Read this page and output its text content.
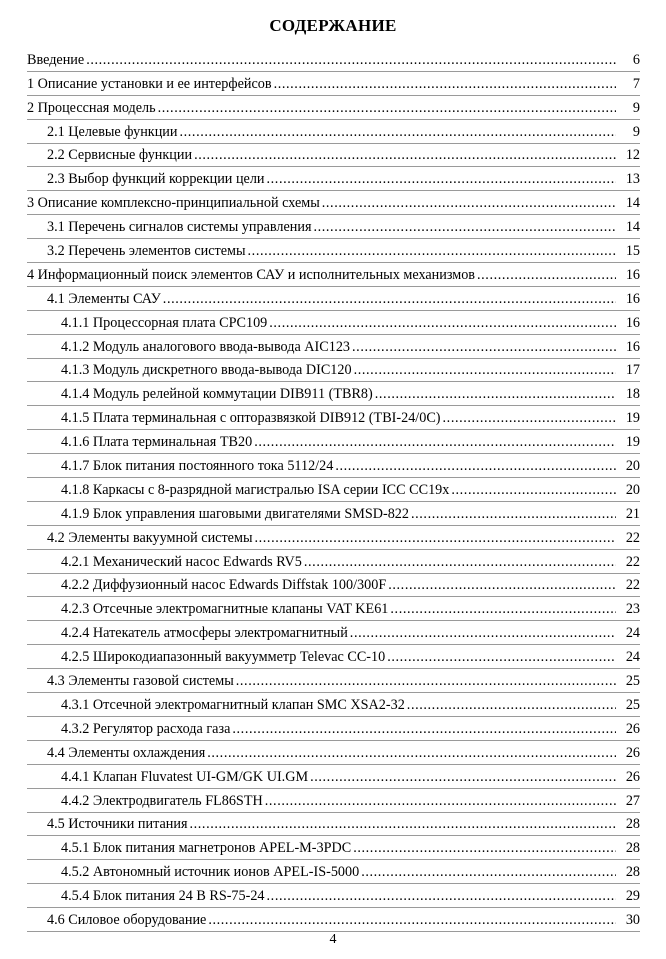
СОДЕРЖАНИЕ
Введение .....	6
1 Описание установки и ее интерфейсов .....	7
2 Процессная модель .....	9
2.1 Целевые функции .....	9
2.2 Сервисные функции .....	12
2.3 Выбор функций коррекции цели .....	13
3 Описание комплексно-принципиальной схемы .....	14
3.1 Перечень сигналов системы управления .....	14
3.2 Перечень элементов системы .....	15
4 Информационный поиск элементов САУ и исполнительных механизмов .....	16
4.1 Элементы САУ .....	16
4.1.1 Процессорная плата CPC109 .....	16
4.1.2 Модуль аналогового ввода-вывода AIC123 .....	16
4.1.3 Модуль дискретного ввода-вывода DIC120 .....	17
4.1.4 Модуль релейной коммутации DIB911 (TBR8) .....	18
4.1.5 Плата терминальная с опторазвязкой DIB912 (TBI-24/0C) .....	19
4.1.6 Плата терминальная TB20 .....	19
4.1.7 Блок питания постоянного тока 5112/24 .....	20
4.1.8 Каркасы с 8-разрядной магистралью ISA серии ICC CC19x .....	20
4.1.9 Блок управления шаговыми двигателями SMSD-822 .....	21
4.2 Элементы вакуумной системы .....	22
4.2.1 Механический насос Edwards RV5 .....	22
4.2.2 Диффузионный насос Edwards Diffstak 100/300F .....	22
4.2.3 Отсечные электромагнитные клапаны VAT KE61 .....	23
4.2.4 Натекатель атмосферы электромагнитный .....	24
4.2.5 Широкодиапазонный вакуумметр Televac CC-10 .....	24
4.3 Элементы газовой системы .....	25
4.3.1 Отсечной электромагнитный клапан SMC XSA2-32 .....	25
4.3.2 Регулятор расхода газа .....	26
4.4 Элементы охлаждения .....	26
4.4.1 Клапан Fluvatest UI-GM/GK UI.GM .....	26
4.4.2 Электродвигатель FL86STH .....	27
4.5 Источники питания .....	28
4.5.1 Блок питания магнетронов APEL-M-3PDC .....	28
4.5.2 Автономный источник ионов APEL-IS-5000 .....	28
4.5.4 Блок питания 24 В RS-75-24 .....	29
4.6 Силовое оборудование .....	30
4
